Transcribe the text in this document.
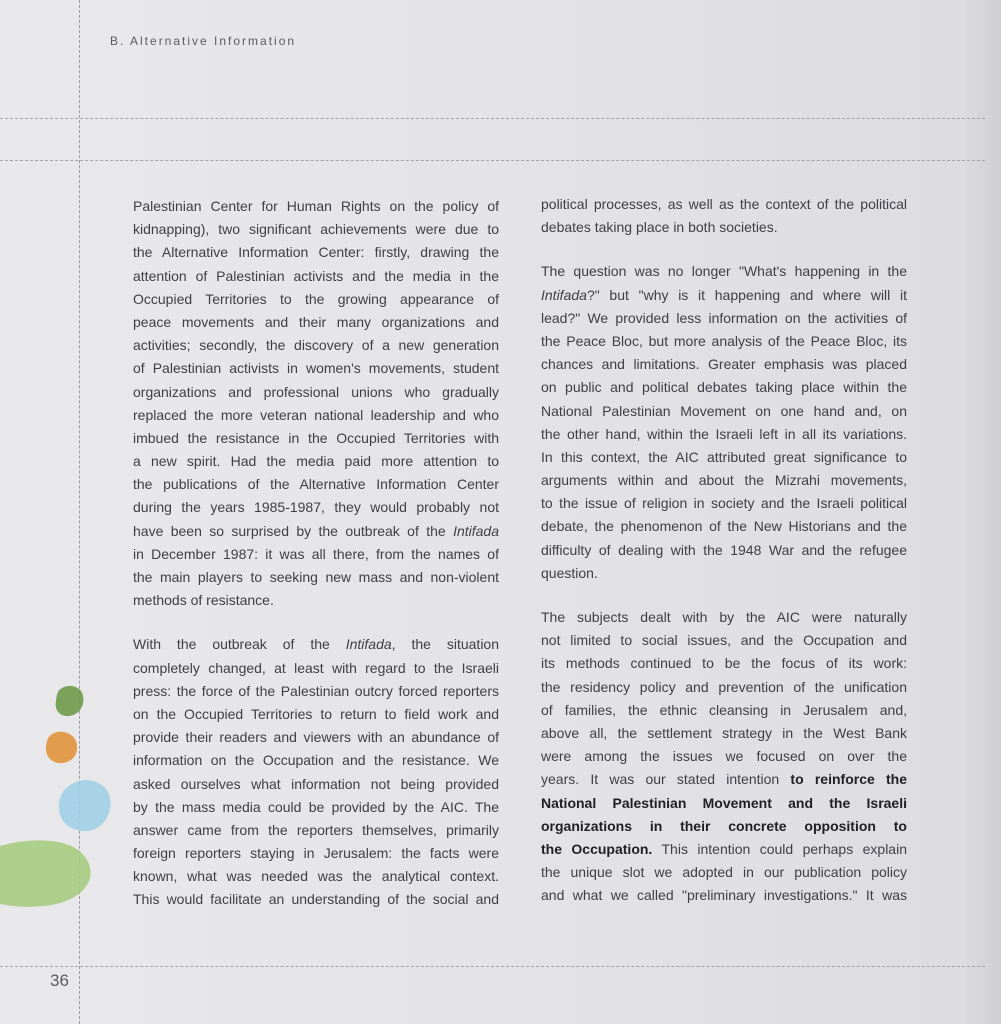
B. Alternative Information
Palestinian Center for Human Rights on the policy of
kidnapping), two significant achievements were due to
the Alternative Information Center: firstly, drawing the
attention of Palestinian activists and the media in the
Occupied Territories to the growing appearance of
peace movements and their many organizations and
activities; secondly, the discovery of a new generation
of Palestinian activists in women's movements, student
organizations and professional unions who gradually
replaced the more veteran national leadership and who
imbued the resistance in the Occupied Territories with
a new spirit. Had the media paid more attention to
the publications of the Alternative Information Center
during the years 1985-1987, they would probably not
have been so surprised by the outbreak of the Intifada
in December 1987: it was all there, from the names of
the main players to seeking new mass and non-violent
methods of resistance.
With the outbreak of the Intifada, the situation
completely changed, at least with regard to the Israeli
press: the force of the Palestinian outcry forced reporters
on the Occupied Territories to return to field work and
provide their readers and viewers with an abundance of
information on the Occupation and the resistance. We
asked ourselves what information not being provided
by the mass media could be provided by the AIC. The
answer came from the reporters themselves, primarily
foreign reporters staying in Jerusalem: the facts were
known, what was needed was the analytical context.
This would facilitate an understanding of the social and
political processes, as well as the context of the political
debates taking place in both societies.
The question was no longer "What's happening in the
Intifada?" but "why is it happening and where will it
lead?" We provided less information on the activities of
the Peace Bloc, but more analysis of the Peace Bloc, its
chances and limitations. Greater emphasis was placed
on public and political debates taking place within the
National Palestinian Movement on one hand and, on
the other hand, within the Israeli left in all its variations.
In this context, the AIC attributed great significance to
arguments within and about the Mizrahi movements,
to the issue of religion in society and the Israeli political
debate, the phenomenon of the New Historians and the
difficulty of dealing with the 1948 War and the refugee
question.
The subjects dealt with by the AIC were naturally
not limited to social issues, and the Occupation and
its methods continued to be the focus of its work:
the residency policy and prevention of the unification
of families, the ethnic cleansing in Jerusalem and,
above all, the settlement strategy in the West Bank
were among the issues we focused on over the
years. It was our stated intention to reinforce the
National Palestinian Movement and the Israeli
organizations in their concrete opposition to
the Occupation. This intention could perhaps explain
the unique slot we adopted in our publication policy
and what we called "preliminary investigations." It was
36
